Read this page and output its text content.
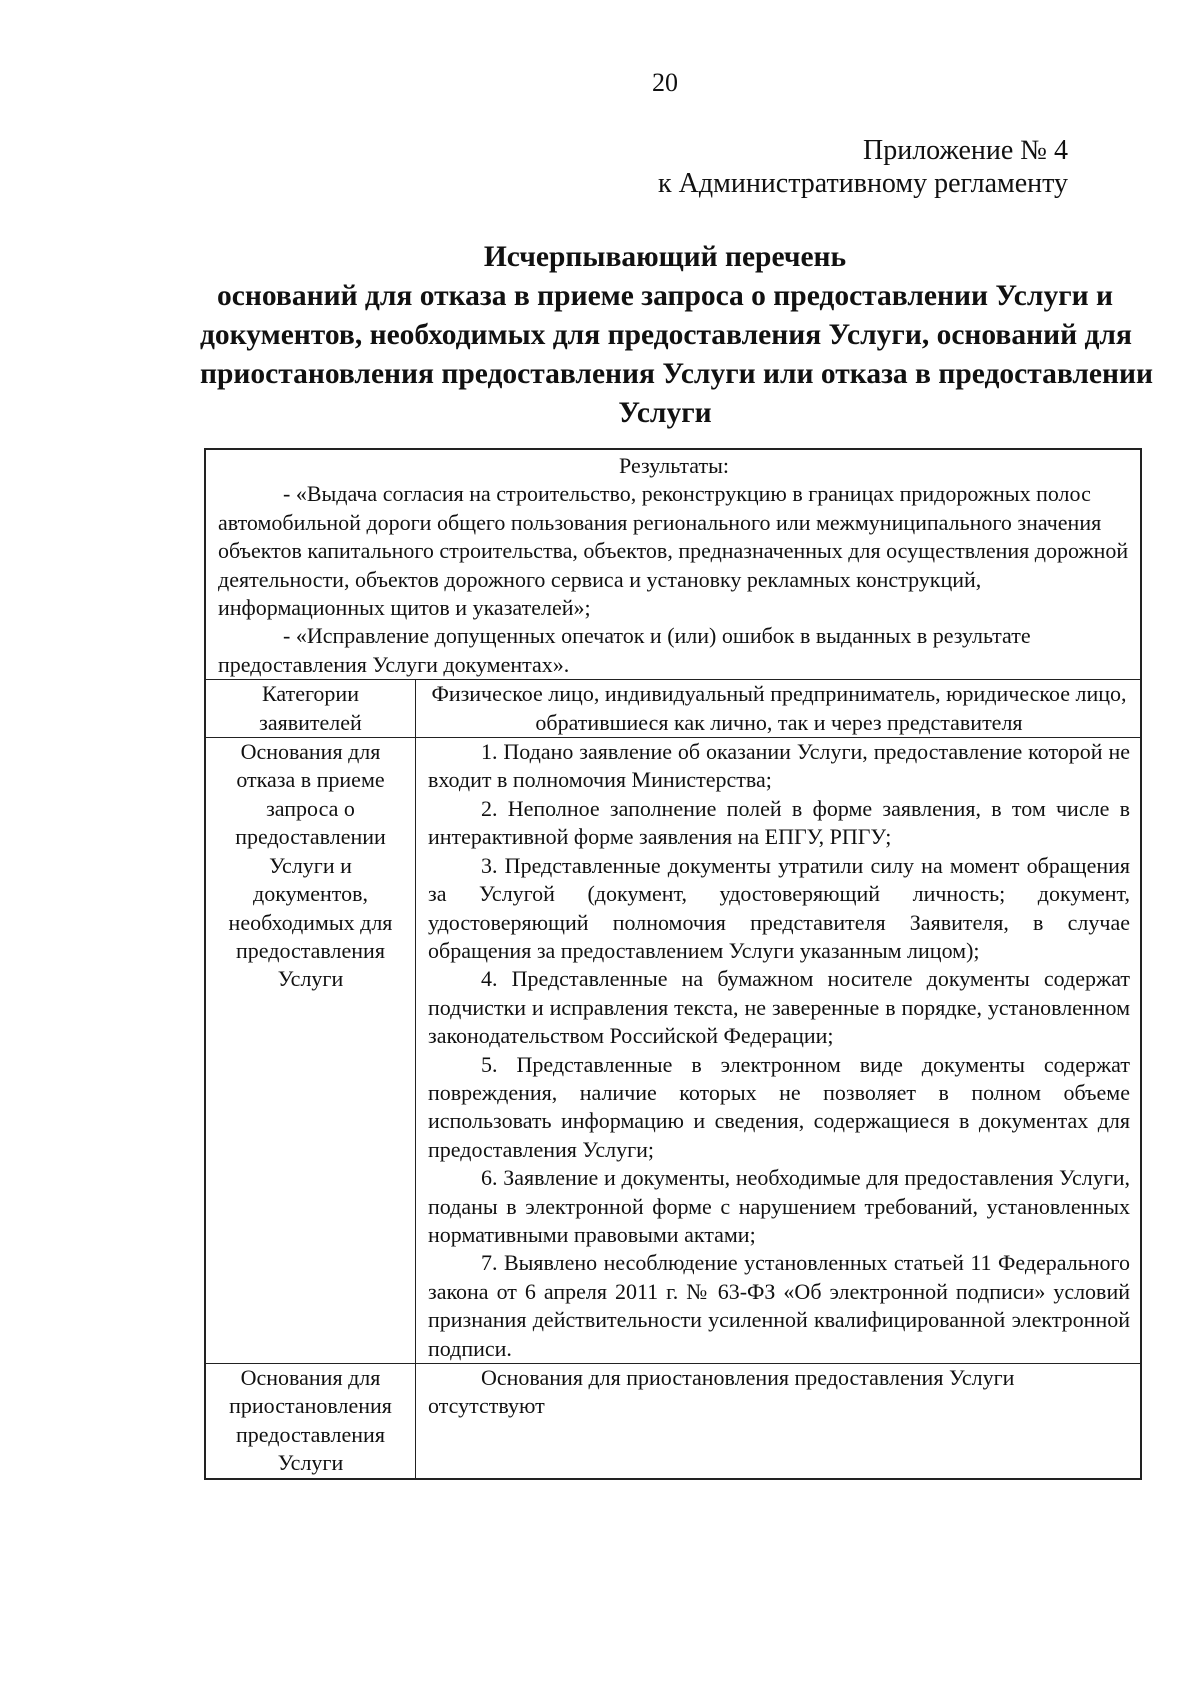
20
Приложение № 4
к Административному регламенту
Исчерпывающий перечень
оснований для отказа в приеме запроса о предоставлении Услуги и
документов, необходимых для предоставления Услуги, оснований для
приостановления предоставления Услуги или отказа в предоставлении
Услуги

Результаты:

- «Выдача согласия на строительство, реконструкцию в границах придорожных полос автомобильной дороги общего пользования регионального или межмуниципального значения объектов капитального строительства, объектов, предназначенных для осуществления дорожной деятельности, объектов дорожного сервиса и установку рекламных конструкций, информационных щитов и указателей»;

- «Исправление допущенных опечаток и (или) ошибок в выданных в результате предоставления Услуги документах».

Категории заявителей
Физическое лицо, индивидуальный предприниматель, юридическое лицо, обратившиеся как лично, так и через представителя
Основания для отказа в приеме запроса о предоставлении Услуги и документов, необходимых для предоставления Услуги

1. Подано заявление об оказании Услуги, предоставление которой не входит в полномочия Министерства;

2. Неполное заполнение полей в форме заявления, в том числе в интерактивной форме заявления на ЕПГУ, РПГУ;

3. Представленные документы утратили силу на момент обращения за Услугой (документ, удостоверяющий личность; документ, удостоверяющий полномочия представителя Заявителя, в случае обращения за предоставлением Услуги указанным лицом);

4. Представленные на бумажном носителе документы содержат подчистки и исправления текста, не заверенные в порядке, установленном законодательством Российской Федерации;

5. Представленные в электронном виде документы содержат повреждения, наличие которых не позволяет в полном объеме использовать информацию и сведения, содержащиеся в документах для предоставления Услуги;

6. Заявление и документы, необходимые для предоставления Услуги, поданы в электронной форме с нарушением требований, установленных нормативными правовыми актами;

7. Выявлено несоблюдение установленных статьей 11 Федерального закона от 6 апреля 2011 г. № 63-ФЗ «Об электронной подписи» условий признания действительности усиленной квалифицированной электронной подписи.

Основания для приостановления предоставления Услуги

Основания для приостановления предоставления Услуги отсутствуют
